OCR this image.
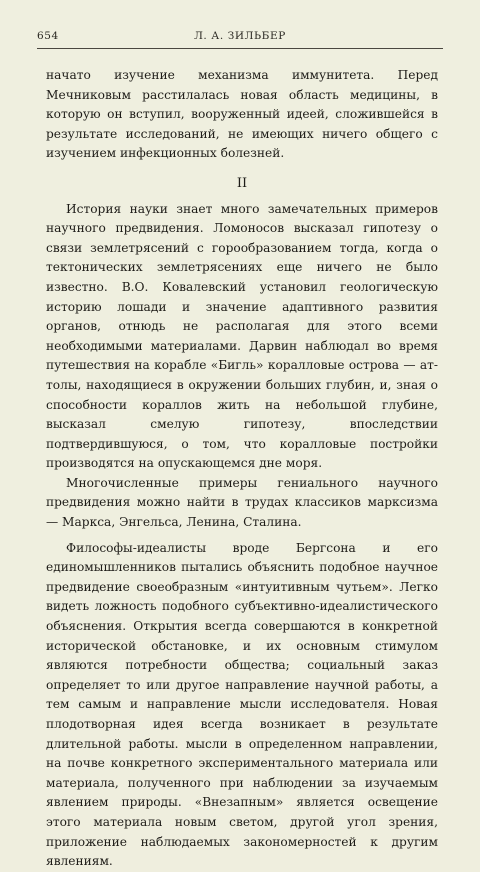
654	Л. А. ЗИЛЬБЕР

начато изучение механизма иммунитета. Перед Мечниковым расстилалась новая область медицины, в которую он вступил, вооруженный идеей, сложившейся в результате исследований, не имеющих ничего общего с изучением инфекционных болезней.

II

История науки знает много замечательных примеров научного предвидения. Ломоносов высказал гипотезу о связи землетрясений с горообразованием тогда, когда о тектонических землетрясениях еще ничего не было известно. В.О. Ковалевский установил геологическую историю лошади и значение адаптивного развития органов, отнюдь не располагая для этого всеми необходимыми материалами. Дарвин наблюдал во время путешествия на корабле «Бигль» коралловые острова — аттолы, находящиеся в окружении больших глубин, и, зная о способности кораллов жить на небольшой глубине, высказал смелую гипотезу, впоследствии подтвердившуюся, о том, что коралловые постройки производятся на опускающемся дне моря.

Многочисленные примеры гениального научного предвидения можно найти в трудах классиков марксизма — Маркса, Энгельса, Ленина, Сталина.

Философы-идеалисты вроде Бергсона и его единомышленников пытались объяснить подобное научное предвидение своеобразным «интуитивным чутьем». Легко видеть ложность подобного субъективно-идеалистического объяснения. Открытия всегда совершаются в конкретной исторической обстановке, и их основным стимулом являются потребности общества; социальный заказ определяет то или другое направление научной работы, а тем самым и направление мысли исследователя. Новая плодотворная идея всегда возникает в результате длительной работы. мысли в определенном направлении, на почве конкретного экспериментального материала или материала, полученного при наблюдении за изучаемым явлением природы. «Внезапным» является освещение этого материала новым светом, другой угол зрения, приложение наблюдаемых закономерностей к другим явлениям.
